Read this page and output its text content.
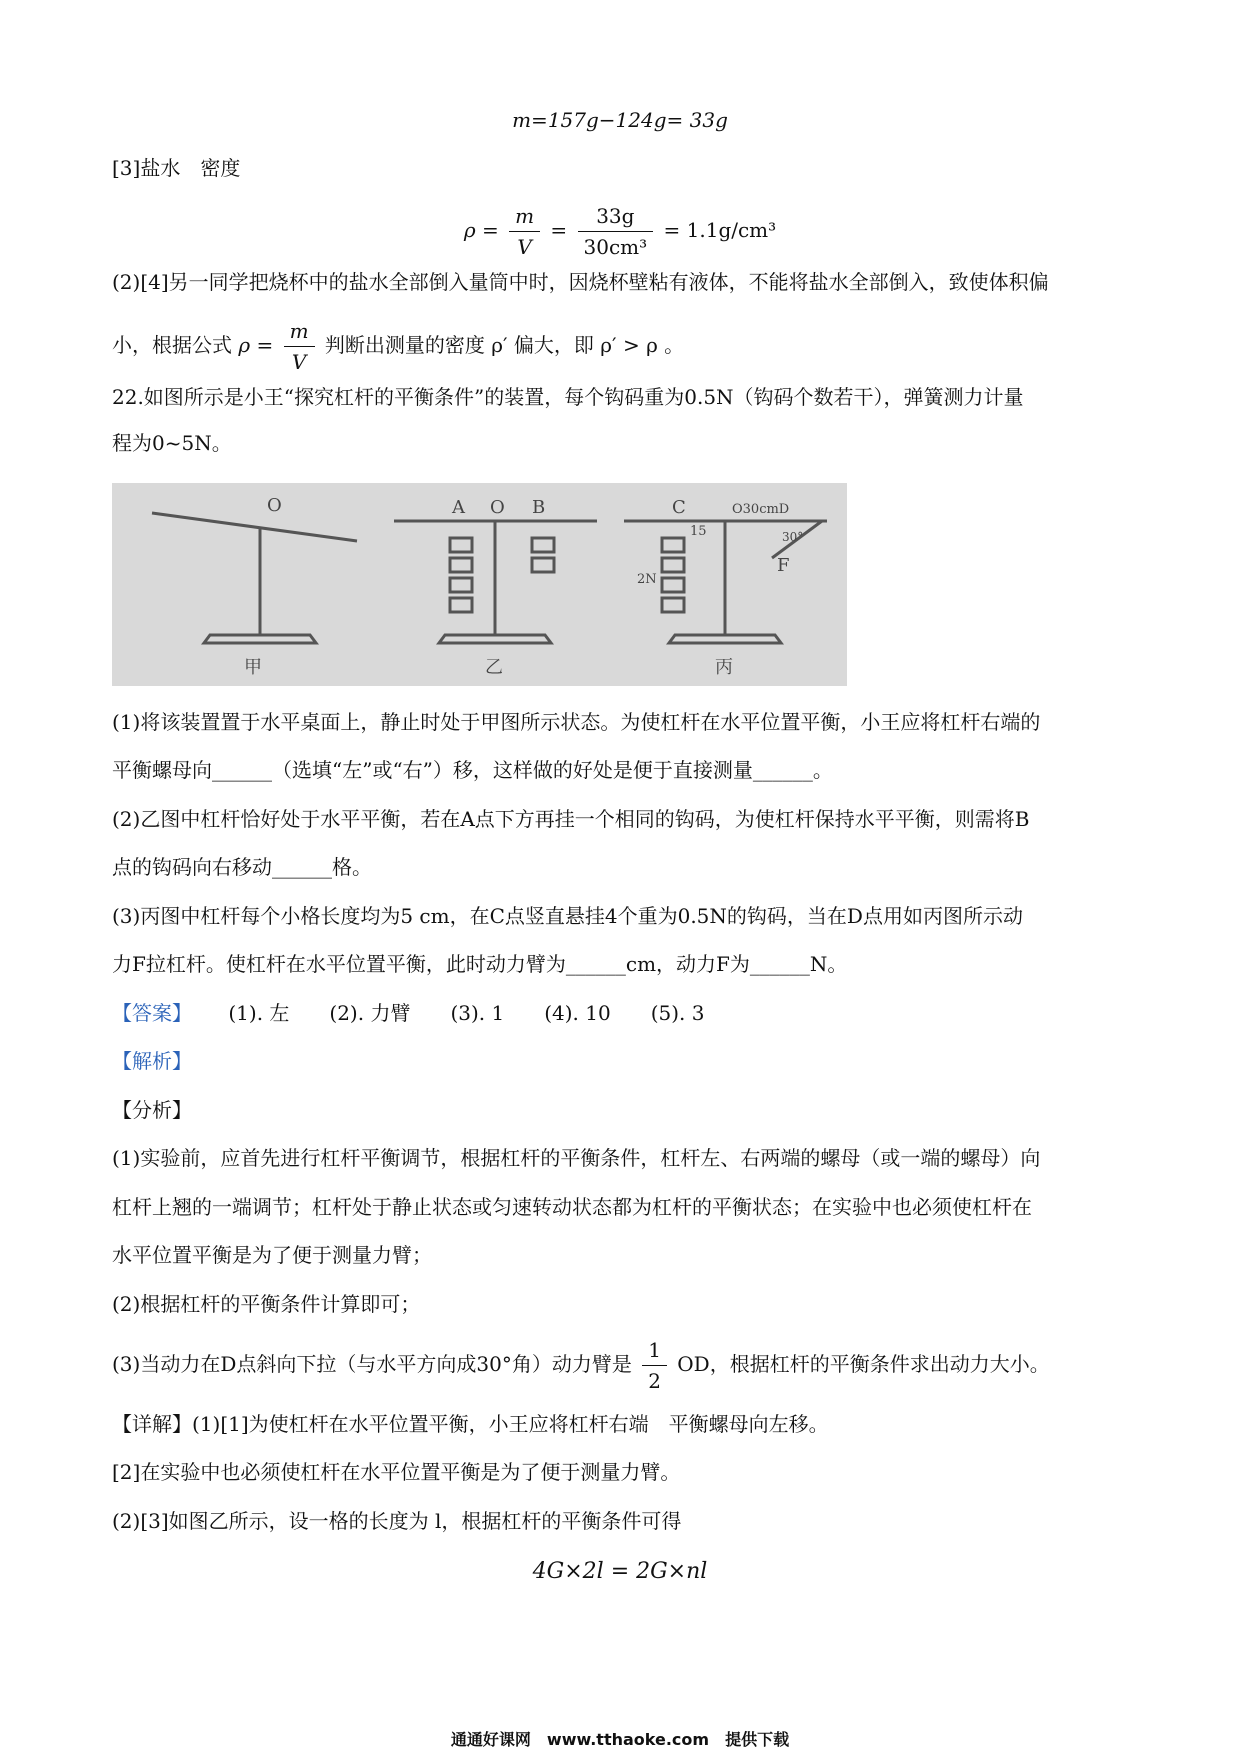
m=157g−124g= 33g
[3]盐水　密度
$\rho = \frac{m}{V} = \frac{33g}{\text{30cm³}} = 1.1g/cm^3$
(2)[4]另一同学把烧杯中的盐水全部倒入量筒中时，因烧杯壁粘有液体，不能将盐水全部倒入，致使体积偏
小，根据公式 $\rho = \frac{m}{V}$ 判断出测量的密度 ρ′ 偏大，即 ρ′ > ρ 。
22.如图所示是小王“探究杠杆的平衡条件”的装置，每个钩码重为0.5N（钩码个数若干），弹簧测力计量
程为0~5N。
O	A O B	C
15
O30cmD
30°
F
2N
甲	乙	丙
(1)将该装置置于水平桌面上，静止时处于甲图所示状态。为使杠杆在水平位置平衡，小王应将杠杆右端的
平衡螺母向______（选填“左”或“右”）移，这样做的好处是便于直接测量______。
(2)乙图中杠杆恰好处于水平平衡，若在A点下方再挂一个相同的钩码，为使杠杆保持水平平衡，则需将B
点的钩码向右移动______格。
(3)丙图中杠杆每个小格长度均为5 cm，在C点竖直悬挂4个重为0.5N的钩码，当在D点用如丙图所示动
力F拉杠杆。使杠杆在水平位置平衡，此时动力臂为______cm，动力F为______N。
【答案】 (1). 左　　(2). 力臂　　(3). 1　　(4). 10　　(5). 3
【解析】
【分析】
(1)实验前，应首先进行杠杆平衡调节，根据杠杆的平衡条件，杠杆左、右两端的螺母（或一端的螺母）向
杠杆上翘的一端调节；杠杆处于静止状态或匀速转动状态都为杠杆的平衡状态；在实验中也必须使杠杆在
水平位置平衡是为了便于测量力臂；
(2)根据杠杆的平衡条件计算即可；
(3)当动力在D点斜向下拉（与水平方向成30°角）动力臂是 $\frac{1}{2}$ OD，根据杠杆的平衡条件求出动力大小。
【详解】(1)[1]为使杠杆在水平位置平衡，小王应将杠杆右端　平衡螺母向左移。
[2]在实验中也必须使杠杆在水平位置平衡是为了便于测量力臂。
(2)[3]如图乙所示，设一格的长度为 l，根据杠杆的平衡条件可得
4G×2l = 2G×nl
通通好课网　www.tthaoke.com　提供下载
